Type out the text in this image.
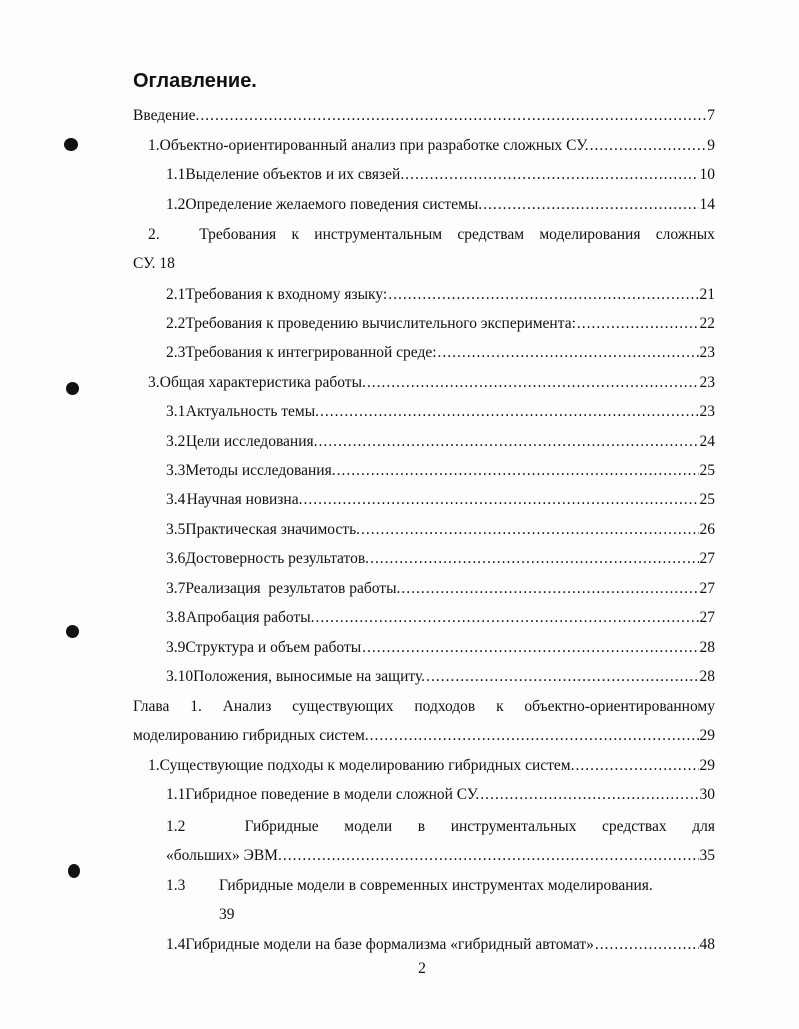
Оглавление.
Введение. .....	7
1. Объектно-ориентированный анализ при разработке сложных СУ. .....	9
1.1 Выделение объектов и их связей. .....	10
1.2 Определение желаемого поведения системы. .....	14
2.	Требования к инструментальным средствам моделирования сложных
СУ. 18
2.1 Требования к входному языку: .....	21
2.2 Требования к проведению вычислительного эксперимента: .....	22
2.3 Требования к интегрированной среде: .....	23
3. Общая характеристика работы. .....	23
3.1 Актуальность темы. .....	23
3.2 Цели исследования. .....	24
3.3 Методы исследования. .....	25
3.4 Научная новизна. .....	25
3.5 Практическая значимость. .....	26
3.6 Достоверность результатов. .....	27
3.7 Реализация  результатов работы. .....	27
3.8 Апробация работы. .....	27
3.9 Структура и объем работы .....	28
3.10 Положения, выносимые на защиту. .....	28
Глава 1. Анализ существующих подходов к объектно-ориентированному
моделированию гибридных систем. .....	29
1. Существующие подходы к моделированию гибридных систем. .....	29
1.1 Гибридное поведение в модели сложной СУ. .....	30
1.2	Гибридные модели в инструментальных средствах для
«больших» ЭВМ. .....	35
1.3	Гибридные модели в современных инструментах моделирования.
39
1.4 Гибридные модели на базе формализма «гибридный автомат» .....	48
2
